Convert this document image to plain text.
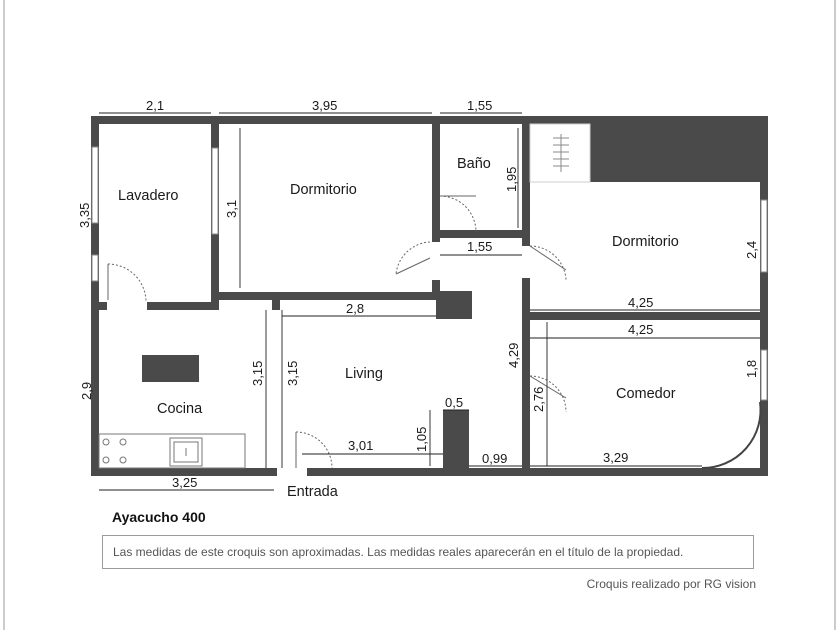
Lavadero	Dormitorio
Baño
Dormitorio
Living
Cocina
Comedor
Entrada
2,1	3,95	1,55
3,35	3,1
1,95
1,55	2,4
4,25
2,8
4,25
4,29
1,8
2,76
3,29
2,9
3,15 3,15
3,01
0,5
1,05
0,99
3,25
Ayacucho 400
Las medidas de este croquis son aproximadas. Las medidas reales aparecerán en el título de la propiedad.
Croquis realizado por RG vision
